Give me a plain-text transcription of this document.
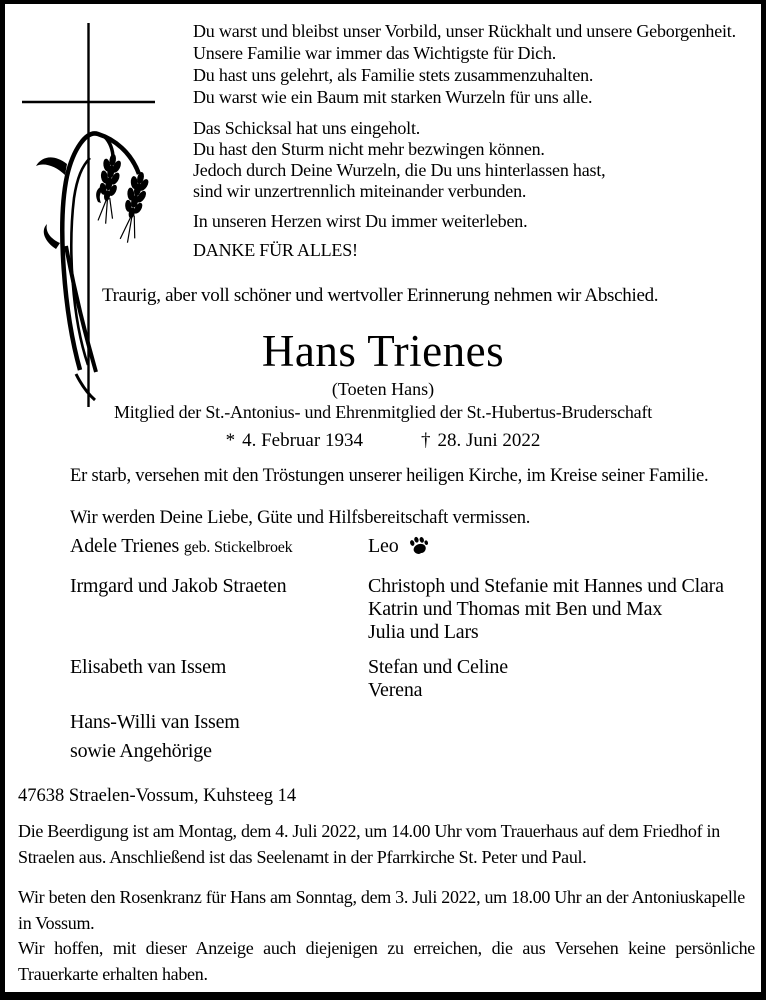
Du warst und bleibst unser Vorbild, unser Rückhalt und unsere Geborgenheit.
Unsere Familie war immer das Wichtigste für Dich.
Du hast uns gelehrt, als Familie stets zusammenzuhalten.
Du warst wie ein Baum mit starken Wurzeln für uns alle.
Das Schicksal hat uns eingeholt.
Du hast den Sturm nicht mehr bezwingen können.
Jedoch durch Deine Wurzeln, die Du uns hinterlassen hast,
sind wir unzertrennlich miteinander verbunden.
In unseren Herzen wirst Du immer weiterleben.
DANKE FÜR ALLES!
Traurig, aber voll schöner und wertvoller Erinnerung nehmen wir Abschied.
Hans Trienes
(Toeten Hans)
Mitglied der St.-Antonius- und Ehrenmitglied der St.-Hubertus-Bruderschaft
* 4. Februar 1934	† 28. Juni 2022
Er starb, versehen mit den Tröstungen unserer heiligen Kirche, im Kreise seiner Familie.
Wir werden Deine Liebe, Güte und Hilfsbereitschaft vermissen.
Adele Trienes geb. Stickelbroek	Leo
Irmgard und Jakob Straeten	Christoph und Stefanie mit Hannes und Clara
Katrin und Thomas mit Ben und Max
Julia und Lars
Elisabeth van Issem	Stefan und Celine
Verena
Hans-Willi van Issem
sowie Angehörige
47638 Straelen-Vossum, Kuhsteeg 14
Die Beerdigung ist am Montag, dem 4. Juli 2022, um 14.00 Uhr vom Trauerhaus auf dem Friedhof in Straelen aus. Anschließend ist das Seelenamt in der Pfarrkirche St. Peter und Paul.
Wir beten den Rosenkranz für Hans am Sonntag, dem 3. Juli 2022, um 18.00 Uhr an der Antoniuskapelle in Vossum.
Wir hoffen, mit dieser Anzeige auch diejenigen zu erreichen, die aus Versehen keine persönliche Trauerkarte erhalten haben.
